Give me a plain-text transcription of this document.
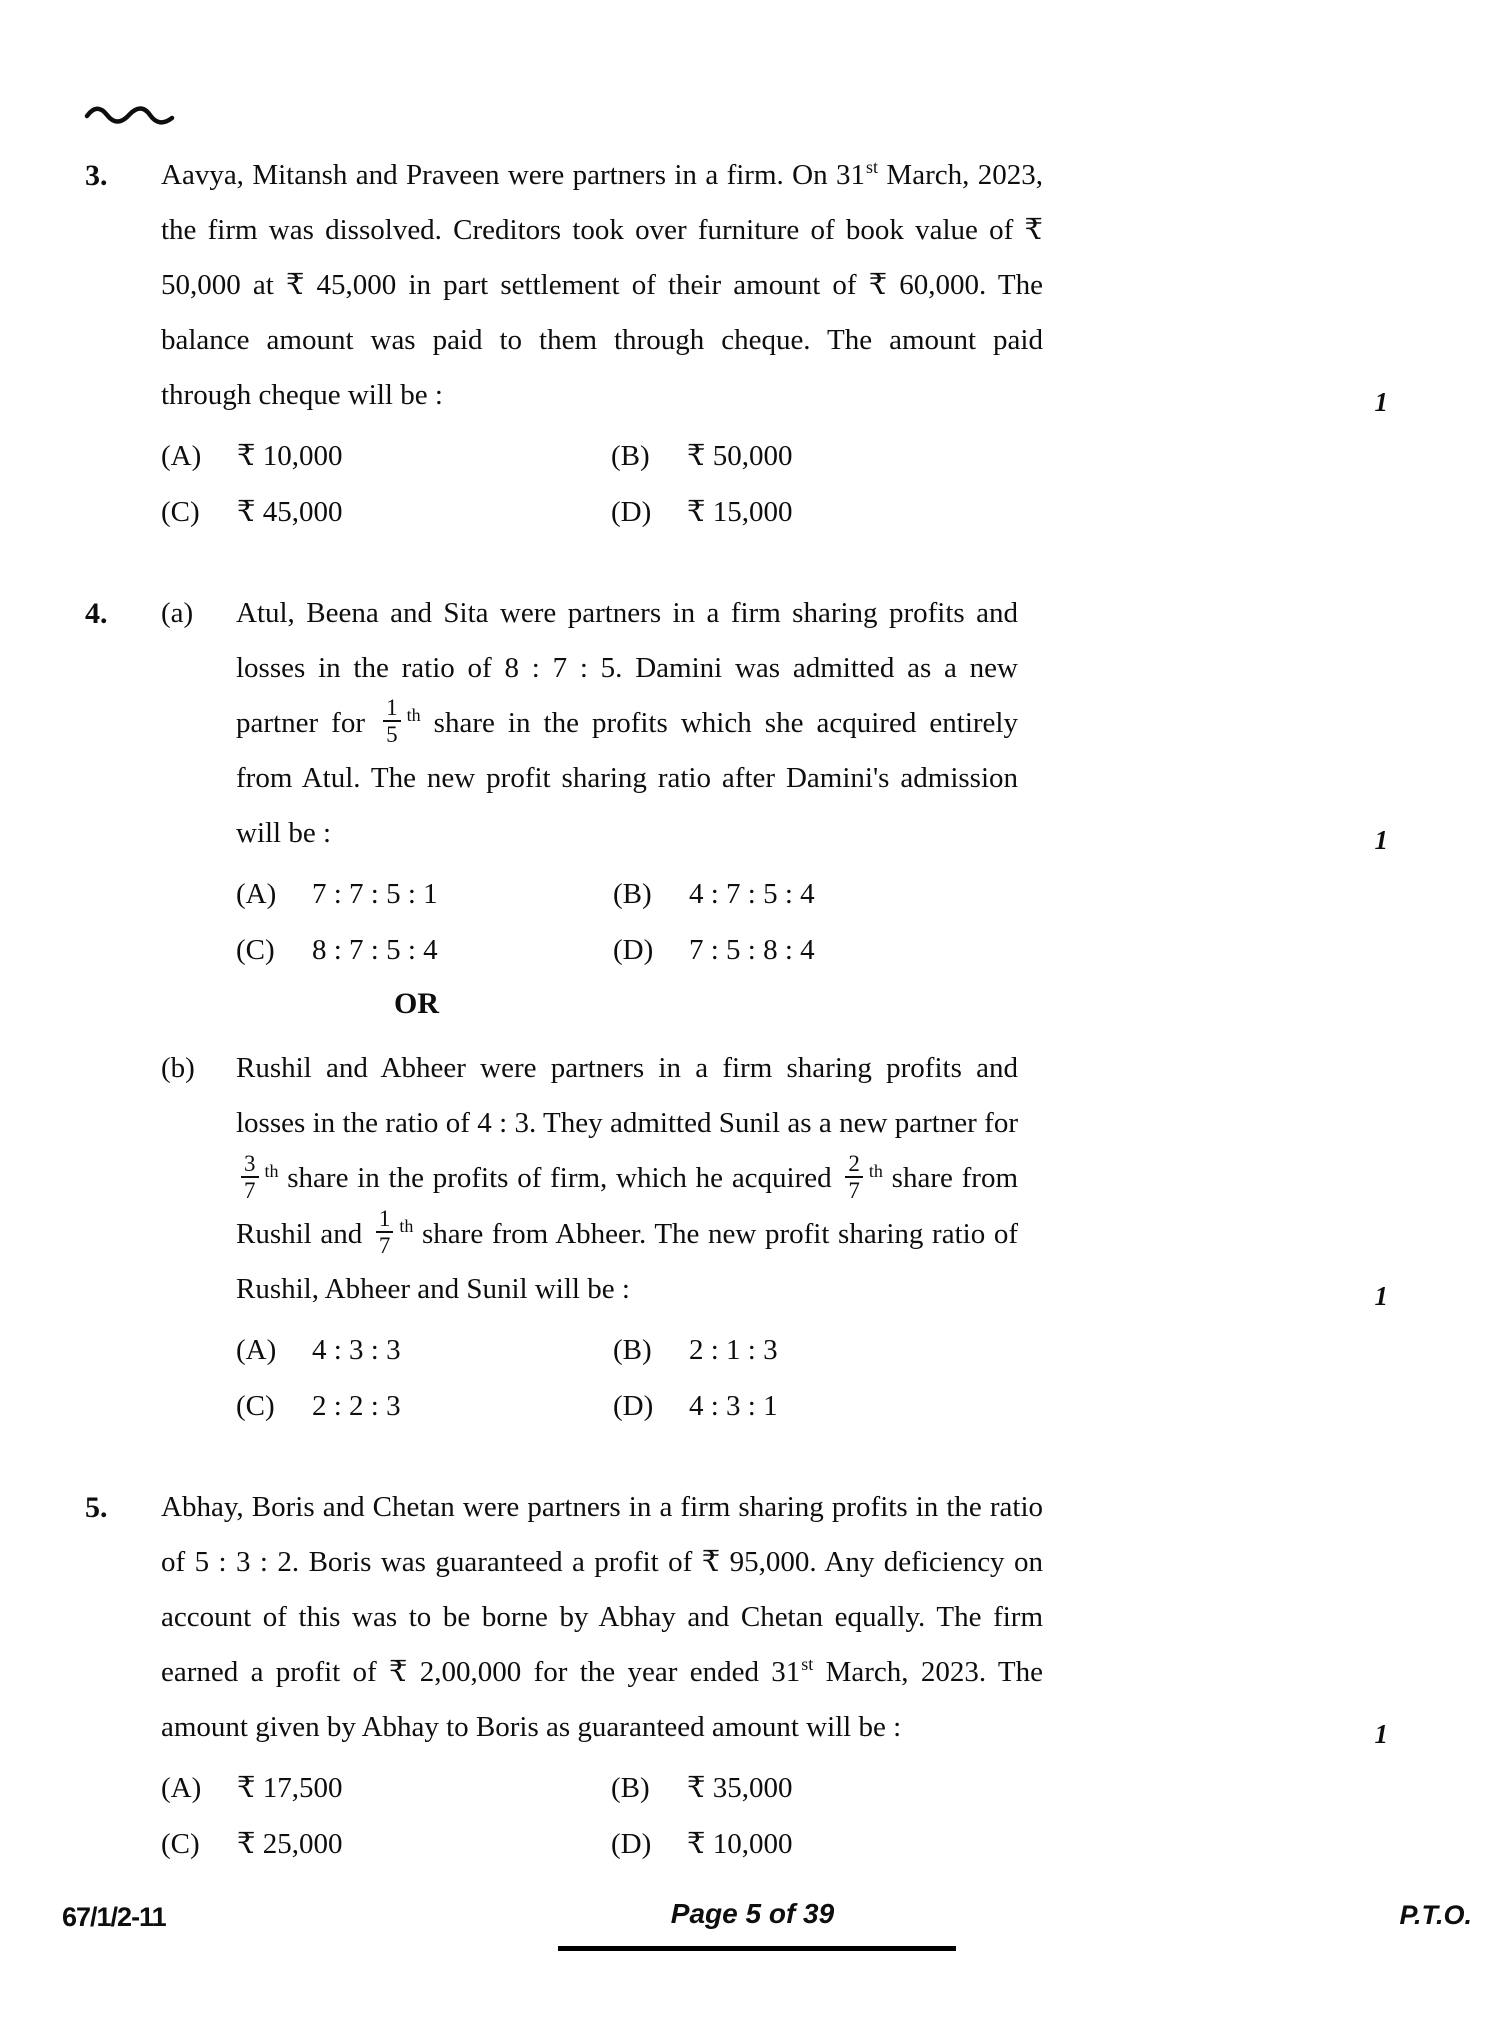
3.	Aavya, Mitansh and Praveen were partners in a firm. On 31st March, 2023, the firm was dissolved. Creditors took over furniture of book value of ₹ 50,000 at ₹ 45,000 in part settlement of their amount of ₹ 60,000. The balance amount was paid to them through cheque. The amount paid through cheque will be :	1
(A)	₹ 10,000	(B)	₹ 50,000
(C)	₹ 45,000	(D)	₹ 15,000
4.	(a)	Atul, Beena and Sita were partners in a firm sharing profits and losses in the ratio of 8 : 7 : 5. Damini was admitted as a new partner for $\frac{1}{5} ^{th}$ share in the profits which she acquired entirely from Atul. The new profit sharing ratio after Damini's admission will be :	1
(A)	7 : 7 : 5 : 1	(B)	4 : 7 : 5 : 4
(C)	8 : 7 : 5 : 4	(D)	7 : 5 : 8 : 4
OR
(b)	Rushil and Abheer were partners in a firm sharing profits and losses in the ratio of 4 : 3. They admitted Sunil as a new partner for
$\frac{3}{7} ^{th}$ share in the profits of firm, which he acquired $\frac{2}{7} ^{th}$ share from Rushil and $\frac{1}{7} ^{th}$ share from Abheer. The new profit sharing ratio of Rushil, Abheer and Sunil will be :	1
(A)	4 : 3 : 3	(B)	2 : 1 : 3
(C)	2 : 2 : 3	(D)	4 : 3 : 1
5.	Abhay, Boris and Chetan were partners in a firm sharing profits in the ratio of 5 : 3 : 2. Boris was guaranteed a profit of ₹ 95,000. Any deficiency on account of this was to be borne by Abhay and Chetan equally. The firm earned a profit of ₹ 2,00,000 for the year ended 31st March, 2023. The amount given by Abhay to Boris as guaranteed amount will be :	1
(A)	₹ 17,500	(B)	₹ 35,000
(C)	₹ 25,000	(D)	₹ 10,000
67/1/2-11	Page 5 of 39	P.T.O.
